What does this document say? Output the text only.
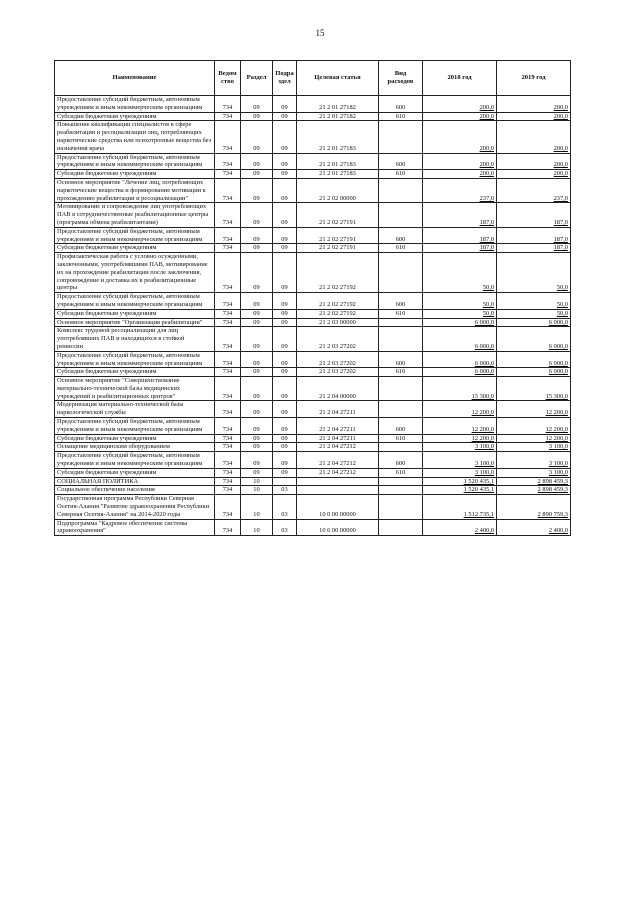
15
Наименование	Ведомство	Раздел	Подраздел	Целевая статья	Вид расходов	2018 год	2019 год
Предоставление субсидий бюджетным, автономным учреждениям и иным некоммерческим организациям	734	09	09	21 2 01 27182	600	200,0	200,0
Субсидии бюджетным учреждениям	734	09	09	21 2 01 27182	610	200,0	200,0
Повышение квалификации специалистов в сфере реабилитации и ресоциализации лиц, потребляющих наркотические средства или психотропные вещества без назначения врача	734	09	09	21 2 01 27183		200,0	200,0
Предоставление субсидий бюджетным, автономным учреждениям и иным некоммерческим организациям	734	09	09	21 2 01 27183	600	200,0	200,0
Субсидии бюджетным учреждениям	734	09	09	21 2 01 27183	610	200,0	200,0
Основное мероприятие "Лечение лиц, потребляющих наркотические вещества и формирование мотивации к прохождению реабилитации и ресоциализации"	734	09	09	21 2 02 00000		237,0	237,0
Мотивирование и сопровождение лиц употребляющих ПАВ в сотрудничественные реабилитационные центры (программа обмена реабилитантами)	734	09	09	21 2 02 27191		187,0	187,0
Предоставление субсидий бюджетным, автономным учреждениям и иным некоммерческим организациям	734	09	09	21 2 02 27191	600	187,0	187,0
Субсидии бюджетным учреждениям	734	09	09	21 2 02 27191	610	187,0	187,0
Профилактическая работа с условно осужденными, заключенными, употреблявшими ПАВ, мотивирование их на прохождение реабилитации после заключения, сопровождение и доставка их в реабилитационные центры	734	09	09	21 2 02 27192		50,0	50,0
Предоставление субсидий бюджетным, автономным учреждениям и иным некоммерческим организациям	734	09	09	21 2 02 27192	600	50,0	50,0
Субсидии бюджетным учреждениям	734	09	09	21 2 02 27192	610	50,0	50,0
Основное мероприятие "Организация реабилитации"	734	09	09	21 2 03 00000		6 000,0	6 000,0
Комплекс трудовой ресоциализации для лиц употреблявших ПАВ и находящихся в стойкой ремиссии	734	09	09	21 2 03 27202		6 000,0	6 000,0
Предоставление субсидий бюджетным, автономным учреждениям и иным некоммерческим организациям	734	09	09	21 2 03 27202	600	6 000,0	6 000,0
Субсидии бюджетным учреждениям	734	09	09	21 2 03 27202	610	6 000,0	6 000,0
Основное мероприятие "Совершенствование материально-технической базы медицинских учреждений и реабилитационных центров"	734	09	09	21 2 04 00000		15 300,0	15 300,0
Модернизация материально-технической базы наркологической службы	734	09	09	21 2 04 27211		12 200,0	12 200,0
Предоставление субсидий бюджетным, автономным учреждениям и иным некоммерческим организациям	734	09	09	21 2 04 27211	600	12 200,0	12 200,0
Субсидии бюджетным учреждениям	734	09	09	21 2 04 27211	610	12 200,0	12 200,0
Оснащение медицинским оборудованием	734	09	09	21 2 04 27212		3 100,0	3 100,0
Предоставление субсидий бюджетным, автономным учреждениям и иным некоммерческим организациям	734	09	09	21 2 04 27212	600	3 100,0	3 100,0
Субсидии бюджетным учреждениям	734	09	09	21 2 04 27212	610	3 100,0	3 100,0
СОЦИАЛЬНАЯ ПОЛИТИКА	734	10				1 520 435,1	2 898 459,3
Социальное обеспечение населения	734	10	03			1 520 435,1	2 898 459,3
Государственная программа Республики Северная Осетия-Алания "Развитие здравоохранения Республики Северная Осетия-Алания" на 2014-2020 годы	734	10	03	10 0 00 00000		1 512 735,1	2 890 759,3
Подпрограмма "Кадровое обеспечение системы здравоохранения"	734	10	03	10 6 00 00000		2 400,0	2 400,0
